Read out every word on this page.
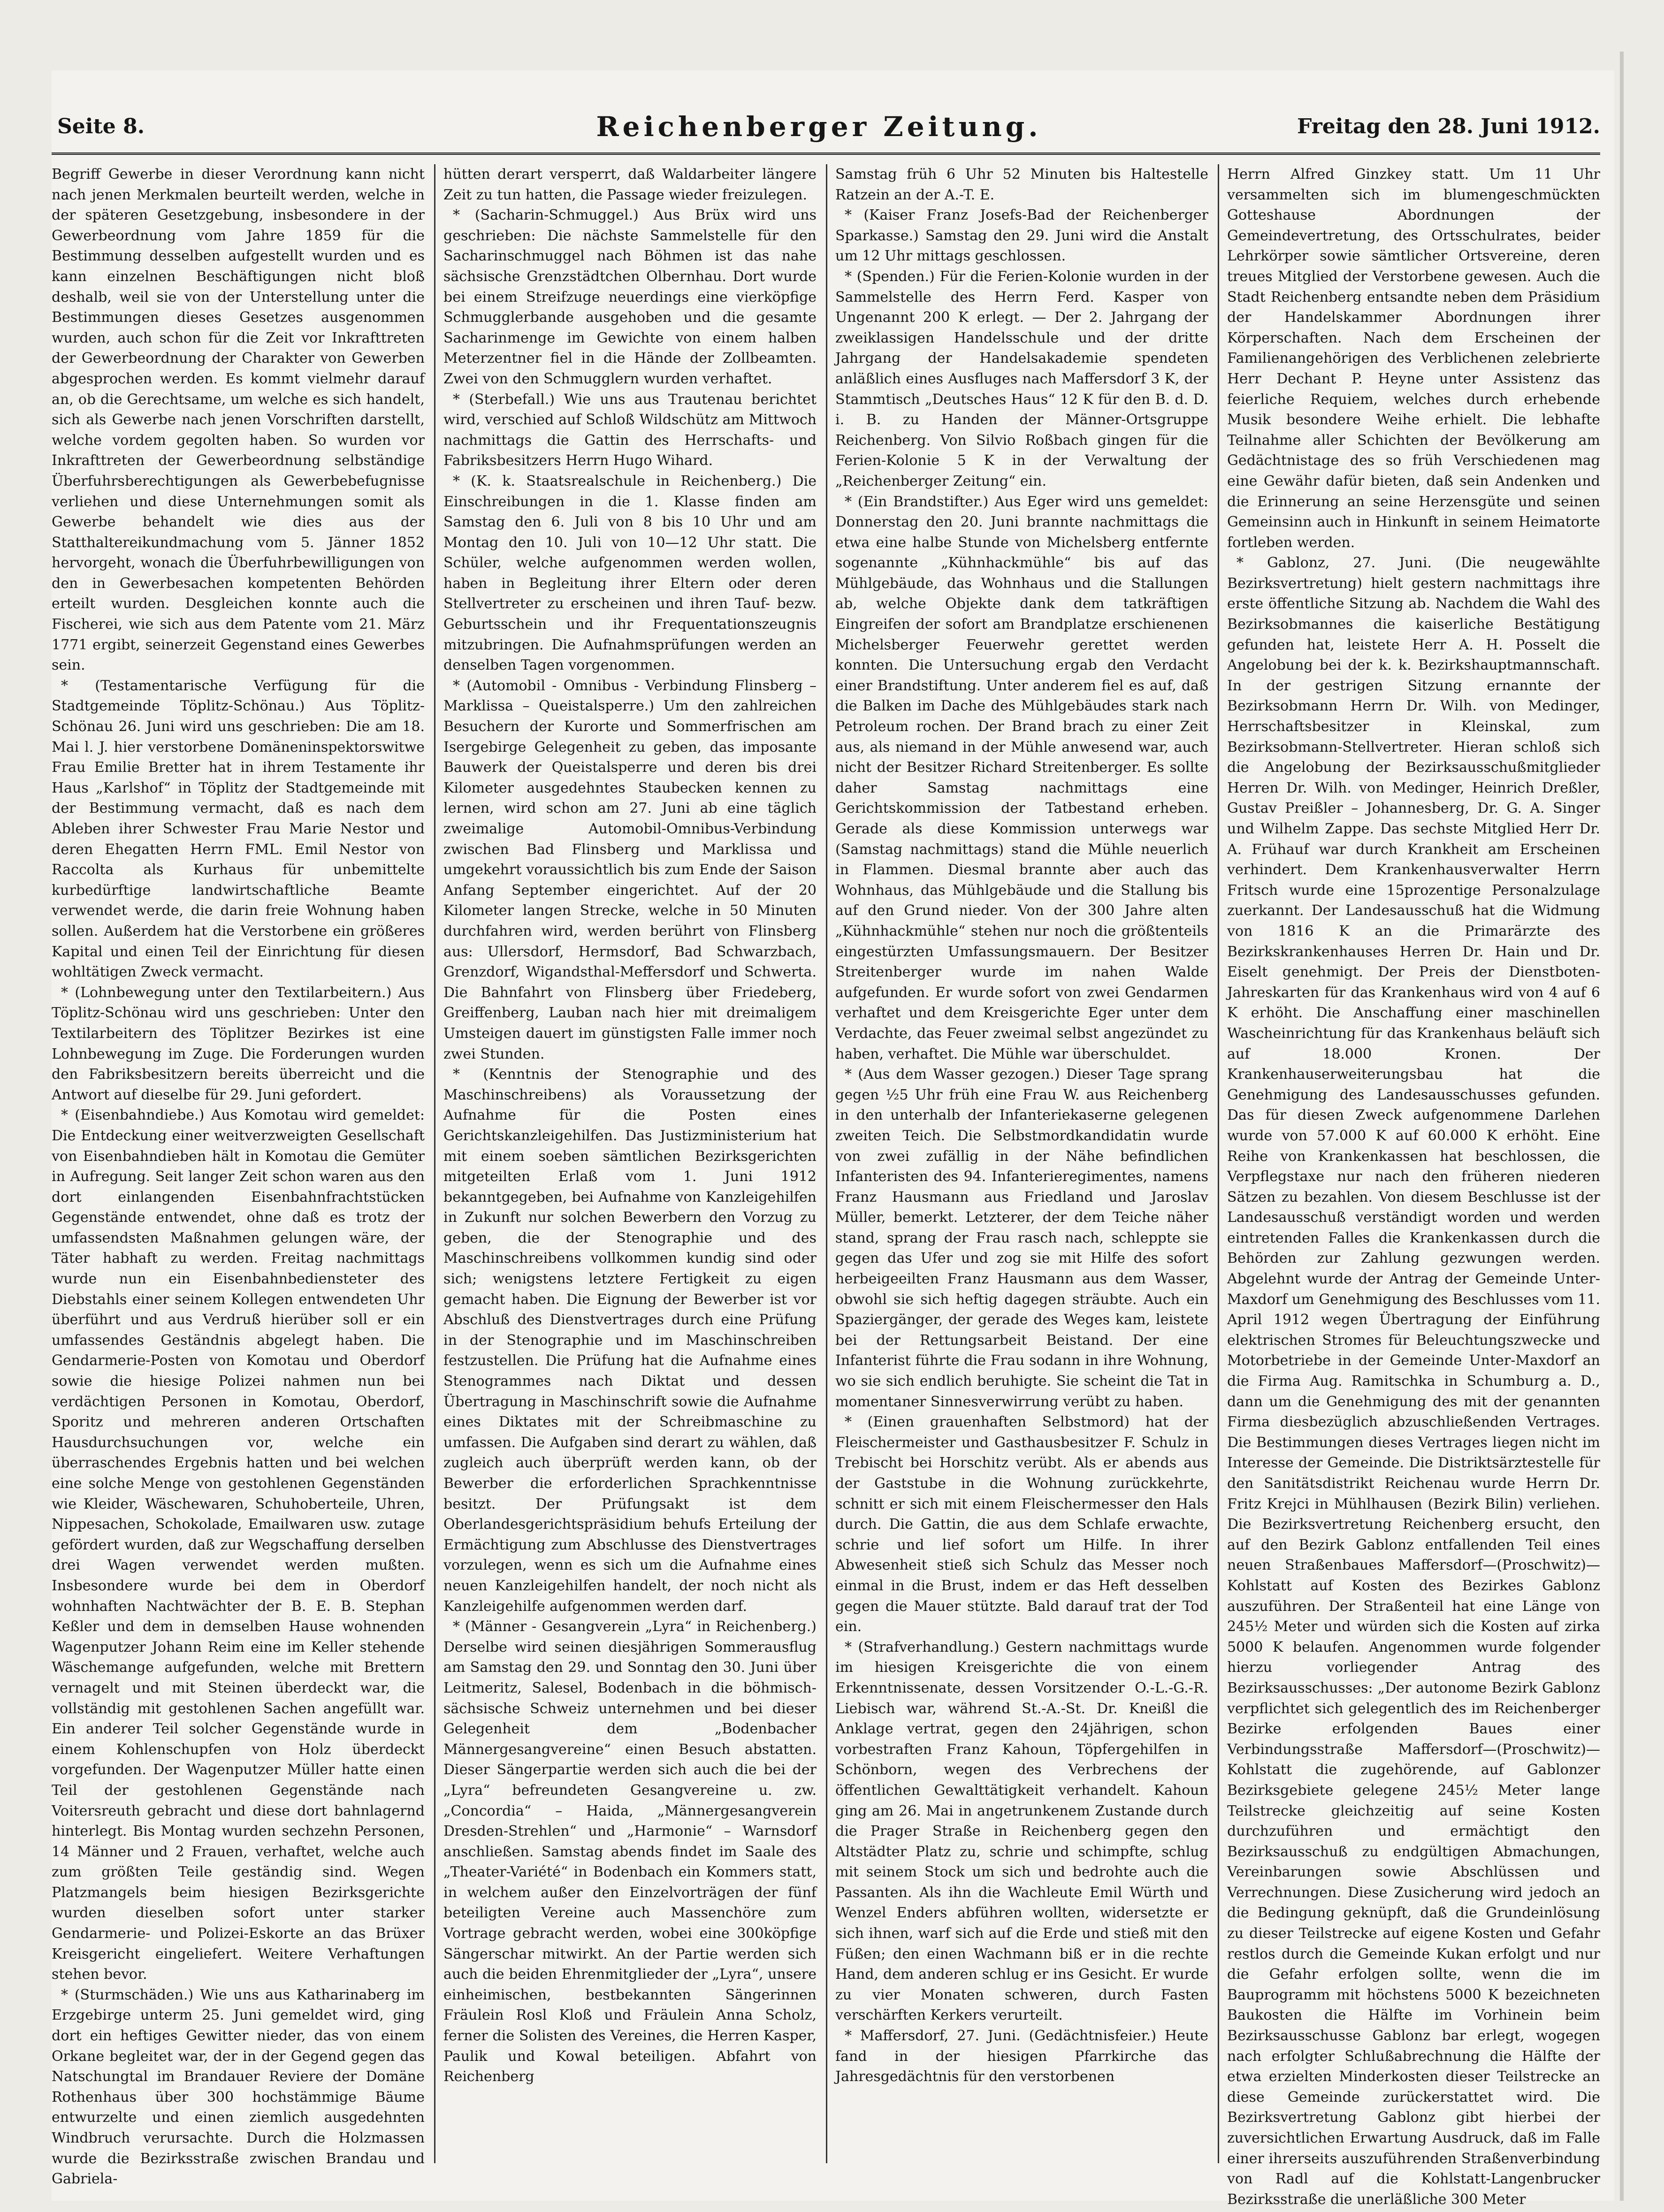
Seite 8.	Reichenberger Zeitung.	Freitag den 28. Juni 1912.

Begriff Gewerbe in dieser Verordnung kann nicht nach jenen Merkmalen beurteilt werden, welche in der späteren Gesetzgebung, insbesondere in der Gewerbeordnung vom Jahre 1859 für die Bestimmung desselben aufgestellt wurden und es kann einzelnen Beschäftigungen nicht bloß deshalb, weil sie von der Unterstellung unter die Bestimmungen dieses Gesetzes ausgenommen wurden, auch schon für die Zeit vor Inkrafttreten der Gewerbeordnung der Charakter von Gewerben abgesprochen werden. Es kommt vielmehr darauf an, ob die Gerechtsame, um welche es sich handelt, sich als Gewerbe nach jenen Vorschriften darstellt, welche vordem gegolten haben. So wurden vor Inkrafttreten der Gewerbeordnung selbständige Überfuhrsberechtigungen als Gewerbebefugnisse verliehen und diese Unternehmungen somit als Gewerbe behandelt wie dies aus der Statthaltereikundmachung vom 5. Jänner 1852 hervorgeht, wonach die Überfuhrbewilligungen von den in Gewerbesachen kompetenten Behörden erteilt wurden. Desgleichen konnte auch die Fischerei, wie sich aus dem Patente vom 21. März 1771 ergibt, seinerzeit Gegenstand eines Gewerbes sein.

* (Testamentarische Verfügung für die Stadtgemeinde Töplitz-Schönau.) Aus Töplitz-Schönau 26. Juni wird uns geschrieben: Die am 18. Mai l. J. hier verstorbene Domäneninspektorswitwe Frau Emilie Bretter hat in ihrem Testamente ihr Haus „Karlshof“ in Töplitz der Stadtgemeinde mit der Bestimmung vermacht, daß es nach dem Ableben ihrer Schwester Frau Marie Nestor und deren Ehegatten Herrn FML. Emil Nestor von Raccolta als Kurhaus für unbemittelte kurbedürftige landwirtschaftliche Beamte verwendet werde, die darin freie Wohnung haben sollen. Außerdem hat die Verstorbene ein größeres Kapital und einen Teil der Einrichtung für diesen wohltätigen Zweck vermacht.

* (Lohnbewegung unter den Textilarbeitern.) Aus Töplitz-Schönau wird uns geschrieben: Unter den Textilarbeitern des Töplitzer Bezirkes ist eine Lohnbewegung im Zuge. Die Forderungen wurden den Fabriksbesitzern bereits überreicht und die Antwort auf dieselbe für 29. Juni gefordert.

* (Eisenbahndiebe.) Aus Komotau wird gemeldet: Die Entdeckung einer weitverzweigten Gesellschaft von Eisenbahndieben hält in Komotau die Gemüter in Aufregung. Seit langer Zeit schon waren aus den dort einlangenden Eisenbahnfrachtstücken Gegenstände entwendet, ohne daß es trotz der umfassendsten Maßnahmen gelungen wäre, der Täter habhaft zu werden. Freitag nachmittags wurde nun ein Eisenbahnbediensteter des Diebstahls einer seinem Kollegen entwendeten Uhr überführt und aus Verdruß hierüber soll er ein umfassendes Geständnis abgelegt haben. Die Gendarmerie-Posten von Komotau und Oberdorf sowie die hiesige Polizei nahmen nun bei verdächtigen Personen in Komotau, Oberdorf, Sporitz und mehreren anderen Ortschaften Hausdurchsuchungen vor, welche ein überraschendes Ergebnis hatten und bei welchen eine solche Menge von gestohlenen Gegenständen wie Kleider, Wäschewaren, Schuhoberteile, Uhren, Nippesachen, Schokolade, Emailwaren usw. zutage gefördert wurden, daß zur Wegschaffung derselben drei Wagen verwendet werden mußten. Insbesondere wurde bei dem in Oberdorf wohnhaften Nachtwächter der B. E. B. Stephan Keßler und dem in demselben Hause wohnenden Wagenputzer Johann Reim eine im Keller stehende Wäschemange aufgefunden, welche mit Brettern vernagelt und mit Steinen überdeckt war, die vollständig mit gestohlenen Sachen angefüllt war. Ein anderer Teil solcher Gegenstände wurde in einem Kohlenschupfen von Holz überdeckt vorgefunden. Der Wagenputzer Müller hatte einen Teil der gestohlenen Gegenstände nach Voitersreuth gebracht und diese dort bahnlagernd hinterlegt. Bis Montag wurden sechzehn Personen, 14 Männer und 2 Frauen, verhaftet, welche auch zum größten Teile geständig sind. Wegen Platzmangels beim hiesigen Bezirksgerichte wurden dieselben sofort unter starker Gendarmerie- und Polizei-Eskorte an das Brüxer Kreisgericht eingeliefert. Weitere Verhaftungen stehen bevor.

* (Sturmschäden.) Wie uns aus Katharinaberg im Erzgebirge unterm 25. Juni gemeldet wird, ging dort ein heftiges Gewitter nieder, das von einem Orkane begleitet war, der in der Gegend gegen das Natschungtal im Brandauer Reviere der Domäne Rothenhaus über 300 hochstämmige Bäume entwurzelte und einen ziemlich ausgedehnten Windbruch verursachte. Durch die Holzmassen wurde die Bezirksstraße zwischen Brandau und Gabriela-

hütten derart versperrt, daß Waldarbeiter längere Zeit zu tun hatten, die Passage wieder freizulegen.

* (Sacharin-Schmuggel.) Aus Brüx wird uns geschrieben: Die nächste Sammelstelle für den Sacharinschmuggel nach Böhmen ist das nahe sächsische Grenzstädtchen Olbernhau. Dort wurde bei einem Streifzuge neuerdings eine vierköpfige Schmugglerbande ausgehoben und die gesamte Sacharinmenge im Gewichte von einem halben Meterzentner fiel in die Hände der Zollbeamten. Zwei von den Schmugglern wurden verhaftet.

* (Sterbefall.) Wie uns aus Trautenau berichtet wird, verschied auf Schloß Wildschütz am Mittwoch nachmittags die Gattin des Herrschafts- und Fabriksbesitzers Herrn Hugo Wihard.

* (K. k. Staatsrealschule in Reichenberg.) Die Einschreibungen in die 1. Klasse finden am Samstag den 6. Juli von 8 bis 10 Uhr und am Montag den 10. Juli von 10—12 Uhr statt. Die Schüler, welche aufgenommen werden wollen, haben in Begleitung ihrer Eltern oder deren Stellvertreter zu erscheinen und ihren Tauf- bezw. Geburtsschein und ihr Frequentationszeugnis mitzubringen. Die Aufnahmsprüfungen werden an denselben Tagen vorgenommen.

* (Automobil - Omnibus - Verbindung Flinsberg – Marklissa – Queistalsperre.) Um den zahlreichen Besuchern der Kurorte und Sommerfrischen am Isergebirge Gelegenheit zu geben, das imposante Bauwerk der Queistalsperre und deren bis drei Kilometer ausgedehntes Staubecken kennen zu lernen, wird schon am 27. Juni ab eine täglich zweimalige Automobil-Omnibus-Verbindung zwischen Bad Flinsberg und Marklissa und umgekehrt voraussichtlich bis zum Ende der Saison Anfang September eingerichtet. Auf der 20 Kilometer langen Strecke, welche in 50 Minuten durchfahren wird, werden berührt von Flinsberg aus: Ullersdorf, Hermsdorf, Bad Schwarzbach, Grenzdorf, Wigandsthal-Meffersdorf und Schwerta. Die Bahnfahrt von Flinsberg über Friedeberg, Greiffenberg, Lauban nach hier mit dreimaligem Umsteigen dauert im günstigsten Falle immer noch zwei Stunden.

* (Kenntnis der Stenographie und des Maschinschreibens) als Voraussetzung der Aufnahme für die Posten eines Gerichtskanzleigehilfen. Das Justizministerium hat mit einem soeben sämtlichen Bezirksgerichten mitgeteilten Erlaß vom 1. Juni 1912 bekanntgegeben, bei Aufnahme von Kanzleigehilfen in Zukunft nur solchen Bewerbern den Vorzug zu geben, die der Stenographie und des Maschinschreibens vollkommen kundig sind oder sich; wenigstens letztere Fertigkeit zu eigen gemacht haben. Die Eignung der Bewerber ist vor Abschluß des Dienstvertrages durch eine Prüfung in der Stenographie und im Maschinschreiben festzustellen. Die Prüfung hat die Aufnahme eines Stenogrammes nach Diktat und dessen Übertragung in Maschinschrift sowie die Aufnahme eines Diktates mit der Schreibmaschine zu umfassen. Die Aufgaben sind derart zu wählen, daß zugleich auch überprüft werden kann, ob der Bewerber die erforderlichen Sprachkenntnisse besitzt. Der Prüfungsakt ist dem Oberlandesgerichtspräsidium behufs Erteilung der Ermächtigung zum Abschlusse des Dienstvertrages vorzulegen, wenn es sich um die Aufnahme eines neuen Kanzleigehilfen handelt, der noch nicht als Kanzleigehilfe aufgenommen werden darf.

* (Männer - Gesangverein „Lyra“ in Reichenberg.) Derselbe wird seinen diesjährigen Sommerausflug am Samstag den 29. und Sonntag den 30. Juni über Leitmeritz, Salesel, Bodenbach in die böhmisch-sächsische Schweiz unternehmen und bei dieser Gelegenheit dem „Bodenbacher Männergesangvereine“ einen Besuch abstatten. Dieser Sängerpartie werden sich auch die bei der „Lyra“ befreundeten Gesangvereine u. zw. „Concordia“ – Haida, „Männergesangverein Dresden-Strehlen“ und „Harmonie“ – Warnsdorf anschließen. Samstag abends findet im Saale des „Theater-Variété“ in Bodenbach ein Kommers statt, in welchem außer den Einzelvorträgen der fünf beteiligten Vereine auch Massenchöre zum Vortrage gebracht werden, wobei eine 300köpfige Sängerschar mitwirkt. An der Partie werden sich auch die beiden Ehrenmitglieder der „Lyra“, unsere einheimischen, bestbekannten Sängerinnen Fräulein Rosl Kloß und Fräulein Anna Scholz, ferner die Solisten des Vereines, die Herren Kasper, Paulik und Kowal beteiligen. Abfahrt von Reichenberg

Samstag früh 6 Uhr 52 Minuten bis Haltestelle Ratzein an der A.-T. E.

* (Kaiser Franz Josefs-Bad der Reichenberger Sparkasse.) Samstag den 29. Juni wird die Anstalt um 12 Uhr mittags geschlossen.

* (Spenden.) Für die Ferien-Kolonie wurden in der Sammelstelle des Herrn Ferd. Kasper von Ungenannt 200 K erlegt. — Der 2. Jahrgang der zweiklassigen Handelsschule und der dritte Jahrgang der Handelsakademie spendeten anläßlich eines Ausfluges nach Maffersdorf 3 K, der Stammtisch „Deutsches Haus“ 12 K für den B. d. D. i. B. zu Handen der Männer-Ortsgruppe Reichenberg. Von Silvio Roßbach gingen für die Ferien-Kolonie 5 K in der Verwaltung der „Reichenberger Zeitung“ ein.

* (Ein Brandstifter.) Aus Eger wird uns gemeldet: Donnerstag den 20. Juni brannte nachmittags die etwa eine halbe Stunde von Michelsberg entfernte sogenannte „Kühnhackmühle“ bis auf das Mühlgebäude, das Wohnhaus und die Stallungen ab, welche Objekte dank dem tatkräftigen Eingreifen der sofort am Brandplatze erschienenen Michelsberger Feuerwehr gerettet werden konnten. Die Untersuchung ergab den Verdacht einer Brandstiftung. Unter anderem fiel es auf, daß die Balken im Dache des Mühlgebäudes stark nach Petroleum rochen. Der Brand brach zu einer Zeit aus, als niemand in der Mühle anwesend war, auch nicht der Besitzer Richard Streitenberger. Es sollte daher Samstag nachmittags eine Gerichtskommission der Tatbestand erheben. Gerade als diese Kommission unterwegs war (Samstag nachmittags) stand die Mühle neuerlich in Flammen. Diesmal brannte aber auch das Wohnhaus, das Mühlgebäude und die Stallung bis auf den Grund nieder. Von der 300 Jahre alten „Kühnhackmühle“ stehen nur noch die größtenteils eingestürzten Umfassungsmauern. Der Besitzer Streitenberger wurde im nahen Walde aufgefunden. Er wurde sofort von zwei Gendarmen verhaftet und dem Kreisgerichte Eger unter dem Verdachte, das Feuer zweimal selbst angezündet zu haben, verhaftet. Die Mühle war überschuldet.

* (Aus dem Wasser gezogen.) Dieser Tage sprang gegen ½5 Uhr früh eine Frau W. aus Reichenberg in den unterhalb der Infanteriekaserne gelegenen zweiten Teich. Die Selbstmordkandidatin wurde von zwei zufällig in der Nähe befindlichen Infanteristen des 94. Infanterieregimentes, namens Franz Hausmann aus Friedland und Jaroslav Müller, bemerkt. Letzterer, der dem Teiche näher stand, sprang der Frau rasch nach, schleppte sie gegen das Ufer und zog sie mit Hilfe des sofort herbeigeeilten Franz Hausmann aus dem Wasser, obwohl sie sich heftig dagegen sträubte. Auch ein Spaziergänger, der gerade des Weges kam, leistete bei der Rettungsarbeit Beistand. Der eine Infanterist führte die Frau sodann in ihre Wohnung, wo sie sich endlich beruhigte. Sie scheint die Tat in momentaner Sinnesverwirrung verübt zu haben.

* (Einen grauenhaften Selbstmord) hat der Fleischermeister und Gasthausbesitzer F. Schulz in Trebischt bei Horschitz verübt. Als er abends aus der Gaststube in die Wohnung zurückkehrte, schnitt er sich mit einem Fleischermesser den Hals durch. Die Gattin, die aus dem Schlafe erwachte, schrie und lief sofort um Hilfe. In ihrer Abwesenheit stieß sich Schulz das Messer noch einmal in die Brust, indem er das Heft desselben gegen die Mauer stützte. Bald darauf trat der Tod ein.

* (Strafverhandlung.) Gestern nachmittags wurde im hiesigen Kreisgerichte die von einem Erkenntnissenate, dessen Vorsitzender O.-L.-G.-R. Liebisch war, während St.-A.-St. Dr. Kneißl die Anklage vertrat, gegen den 24jährigen, schon vorbestraften Franz Kahoun, Töpfergehilfen in Schönborn, wegen des Verbrechens der öffentlichen Gewalttätigkeit verhandelt. Kahoun ging am 26. Mai in angetrunkenem Zustande durch die Prager Straße in Reichenberg gegen den Altstädter Platz zu, schrie und schimpfte, schlug mit seinem Stock um sich und bedrohte auch die Passanten. Als ihn die Wachleute Emil Würth und Wenzel Enders abführen wollten, widersetzte er sich ihnen, warf sich auf die Erde und stieß mit den Füßen; den einen Wachmann biß er in die rechte Hand, dem anderen schlug er ins Gesicht. Er wurde zu vier Monaten schweren, durch Fasten verschärften Kerkers verurteilt.

* Maffersdorf, 27. Juni. (Gedächtnisfeier.) Heute fand in der hiesigen Pfarrkirche das Jahresgedächtnis für den verstorbenen

Herrn Alfred Ginzkey statt. Um 11 Uhr versammelten sich im blumengeschmückten Gotteshause Abordnungen der Gemeindevertretung, des Ortsschulrates, beider Lehrkörper sowie sämtlicher Ortsvereine, deren treues Mitglied der Verstorbene gewesen. Auch die Stadt Reichenberg entsandte neben dem Präsidium der Handelskammer Abordnungen ihrer Körperschaften. Nach dem Erscheinen der Familienangehörigen des Verblichenen zelebrierte Herr Dechant P. Heyne unter Assistenz das feierliche Requiem, welches durch erhebende Musik besondere Weihe erhielt. Die lebhafte Teilnahme aller Schichten der Bevölkerung am Gedächtnistage des so früh Verschiedenen mag eine Gewähr dafür bieten, daß sein Andenken und die Erinnerung an seine Herzensgüte und seinen Gemeinsinn auch in Hinkunft in seinem Heimatorte fortleben werden.

* Gablonz, 27. Juni. (Die neugewählte Bezirksvertretung) hielt gestern nachmittags ihre erste öffentliche Sitzung ab. Nachdem die Wahl des Bezirksobmannes die kaiserliche Bestätigung gefunden hat, leistete Herr A. H. Posselt die Angelobung bei der k. k. Bezirkshauptmannschaft. In der gestrigen Sitzung ernannte der Bezirksobmann Herrn Dr. Wilh. von Medinger, Herrschaftsbesitzer in Kleinskal, zum Bezirksobmann-Stellvertreter. Hieran schloß sich die Angelobung der Bezirksausschußmitglieder Herren Dr. Wilh. von Medinger, Heinrich Dreßler, Gustav Preißler – Johannesberg, Dr. G. A. Singer und Wilhelm Zappe. Das sechste Mitglied Herr Dr. A. Frühauf war durch Krankheit am Erscheinen verhindert. Dem Krankenhausverwalter Herrn Fritsch wurde eine 15prozentige Personalzulage zuerkannt. Der Landesausschuß hat die Widmung von 1816 K an die Primarärzte des Bezirkskrankenhauses Herren Dr. Hain und Dr. Eiselt genehmigt. Der Preis der Dienstboten-Jahreskarten für das Krankenhaus wird von 4 auf 6 K erhöht. Die Anschaffung einer maschinellen Wascheinrichtung für das Krankenhaus beläuft sich auf 18.000 Kronen. Der Krankenhauserweiterungsbau hat die Genehmigung des Landesausschusses gefunden. Das für diesen Zweck aufgenommene Darlehen wurde von 57.000 K auf 60.000 K erhöht. Eine Reihe von Krankenkassen hat beschlossen, die Verpflegstaxe nur nach den früheren niederen Sätzen zu bezahlen. Von diesem Beschlusse ist der Landesausschuß verständigt worden und werden eintretenden Falles die Krankenkassen durch die Behörden zur Zahlung gezwungen werden. Abgelehnt wurde der Antrag der Gemeinde Unter-Maxdorf um Genehmigung des Beschlusses vom 11. April 1912 wegen Übertragung der Einführung elektrischen Stromes für Beleuchtungszwecke und Motorbetriebe in der Gemeinde Unter-Maxdorf an die Firma Aug. Ramitschka in Schumburg a. D., dann um die Genehmigung des mit der genannten Firma diesbezüglich abzuschließenden Vertrages. Die Bestimmungen dieses Vertrages liegen nicht im Interesse der Gemeinde. Die Distriktsärztestelle für den Sanitätsdistrikt Reichenau wurde Herrn Dr. Fritz Krejci in Mühlhausen (Bezirk Bilin) verliehen. Die Bezirksvertretung Reichenberg ersucht, den auf den Bezirk Gablonz entfallenden Teil eines neuen Straßenbaues Maffersdorf—(Proschwitz)—Kohlstatt auf Kosten des Bezirkes Gablonz auszuführen. Der Straßenteil hat eine Länge von 245½ Meter und würden sich die Kosten auf zirka 5000 K belaufen. Angenommen wurde folgender hierzu vorliegender Antrag des Bezirksausschusses: „Der autonome Bezirk Gablonz verpflichtet sich gelegentlich des im Reichenberger Bezirke erfolgenden Baues einer Verbindungsstraße Maffersdorf—(Proschwitz)—Kohlstatt die zugehörende, auf Gablonzer Bezirksgebiete gelegene 245½ Meter lange Teilstrecke gleichzeitig auf seine Kosten durchzuführen und ermächtigt den Bezirksausschuß zu endgültigen Abmachungen, Vereinbarungen sowie Abschlüssen und Verrechnungen. Diese Zusicherung wird jedoch an die Bedingung geknüpft, daß die Grundeinlösung zu dieser Teilstrecke auf eigene Kosten und Gefahr restlos durch die Gemeinde Kukan erfolgt und nur die Gefahr erfolgen sollte, wenn die im Bauprogramm mit höchstens 5000 K bezeichneten Baukosten die Hälfte im Vorhinein beim Bezirksausschusse Gablonz bar erlegt, wogegen nach erfolgter Schlußabrechnung die Hälfte der etwa erzielten Minderkosten dieser Teilstrecke an diese Gemeinde zurückerstattet wird. Die Bezirksvertretung Gablonz gibt hierbei der zuversichtlichen Erwartung Ausdruck, daß im Falle einer ihrerseits auszuführenden Straßenverbindung von Radl auf die Kohlstatt-Langenbrucker Bezirksstraße die unerläßliche 300 Meter
